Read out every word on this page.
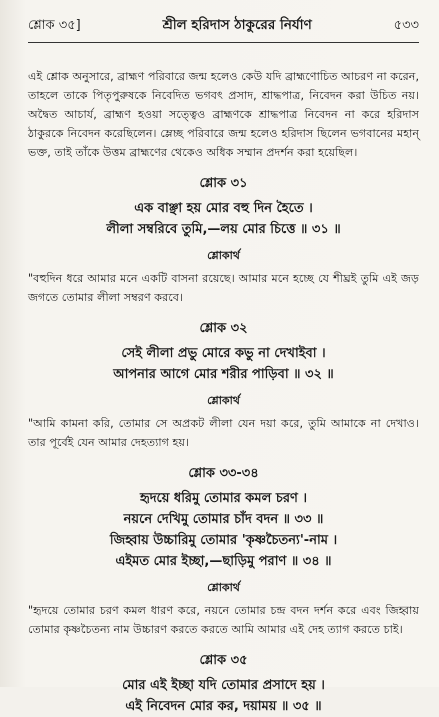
শ্লোক ৩৫]	শ্রীল হরিদাস ঠাকুরের নির্যাণ	৫৩৩

এই শ্লোক অনুসারে, ব্রাহ্মণ পরিবারে জন্ম হলেও কেউ যদি ব্রাহ্মণোচিত আচরণ না করেন, তাহলে তাকে পিতৃপুরুষকে নিবেদিত ভগবৎ প্রসাদ, শ্রাদ্ধপাত্র, নিবেদন করা উচিত নয়। অদ্বৈত আচার্য, ব্রাহ্মণ হওয়া সত্ত্বেও ব্রাহ্মণকে শ্রাদ্ধপাত্র নিবেদন না করে হরিদাস ঠাকুরকে নিবেদন করেছিলেন। ম্লেচ্ছ পরিবারে জন্ম হলেও হরিদাস ছিলেন ভগবানের মহান্ ভক্ত, তাই তাঁকে উত্তম ব্রাহ্মণের থেকেও অধিক সম্মান প্রদর্শন করা হয়েছিল।

শ্লোক ৩১
এক বাঞ্ছা হয় মোর বহু দিন হৈতে ।
লীলা সম্বরিবে তুমি,—লয় মোর চিত্তে ॥ ৩১ ॥
শ্লোকার্থ
"বহুদিন ধরে আমার মনে একটি বাসনা রয়েছে। আমার মনে হচ্ছে যে শীঘ্রই তুমি এই জড় জগতে তোমার লীলা সম্বরণ করবে।
শ্লোক ৩২
সেই লীলা প্রভু মোরে কভু না দেখাইবা ।
আপনার আগে মোর শরীর পাড়িবা ॥ ৩২ ॥
শ্লোকার্থ
"আমি কামনা করি, তোমার সে অপ্রকট লীলা যেন দয়া করে, তুমি আমাকে না দেখাও। তার পূর্বেই যেন আমার দেহত্যাগ হয়।
শ্লোক ৩৩-৩৪
হৃদয়ে ধরিমু তোমার কমল চরণ ।
নয়নে দেখিমু তোমার চাঁদ বদন ॥ ৩৩ ॥
জিহ্বায় উচ্চারিমু তোমার 'কৃষ্ণচৈতন্য'-নাম ।
এইমত মোর ইচ্ছা,—ছাড়িমু পরাণ ॥ ৩৪ ॥
শ্লোকার্থ
"হৃদয়ে তোমার চরণ কমল ধারণ করে, নয়নে তোমার চন্দ্র বদন দর্শন করে এবং জিহ্বায় তোমার কৃষ্ণচৈতন্য নাম উচ্চারণ করতে করতে আমি আমার এই দেহ ত্যাগ করতে চাই।
শ্লোক ৩৫
মোর এই ইচ্ছা যদি তোমার প্রসাদে হয় ।
এই নিবেদন মোর কর, দয়াময় ॥ ৩৫ ॥
